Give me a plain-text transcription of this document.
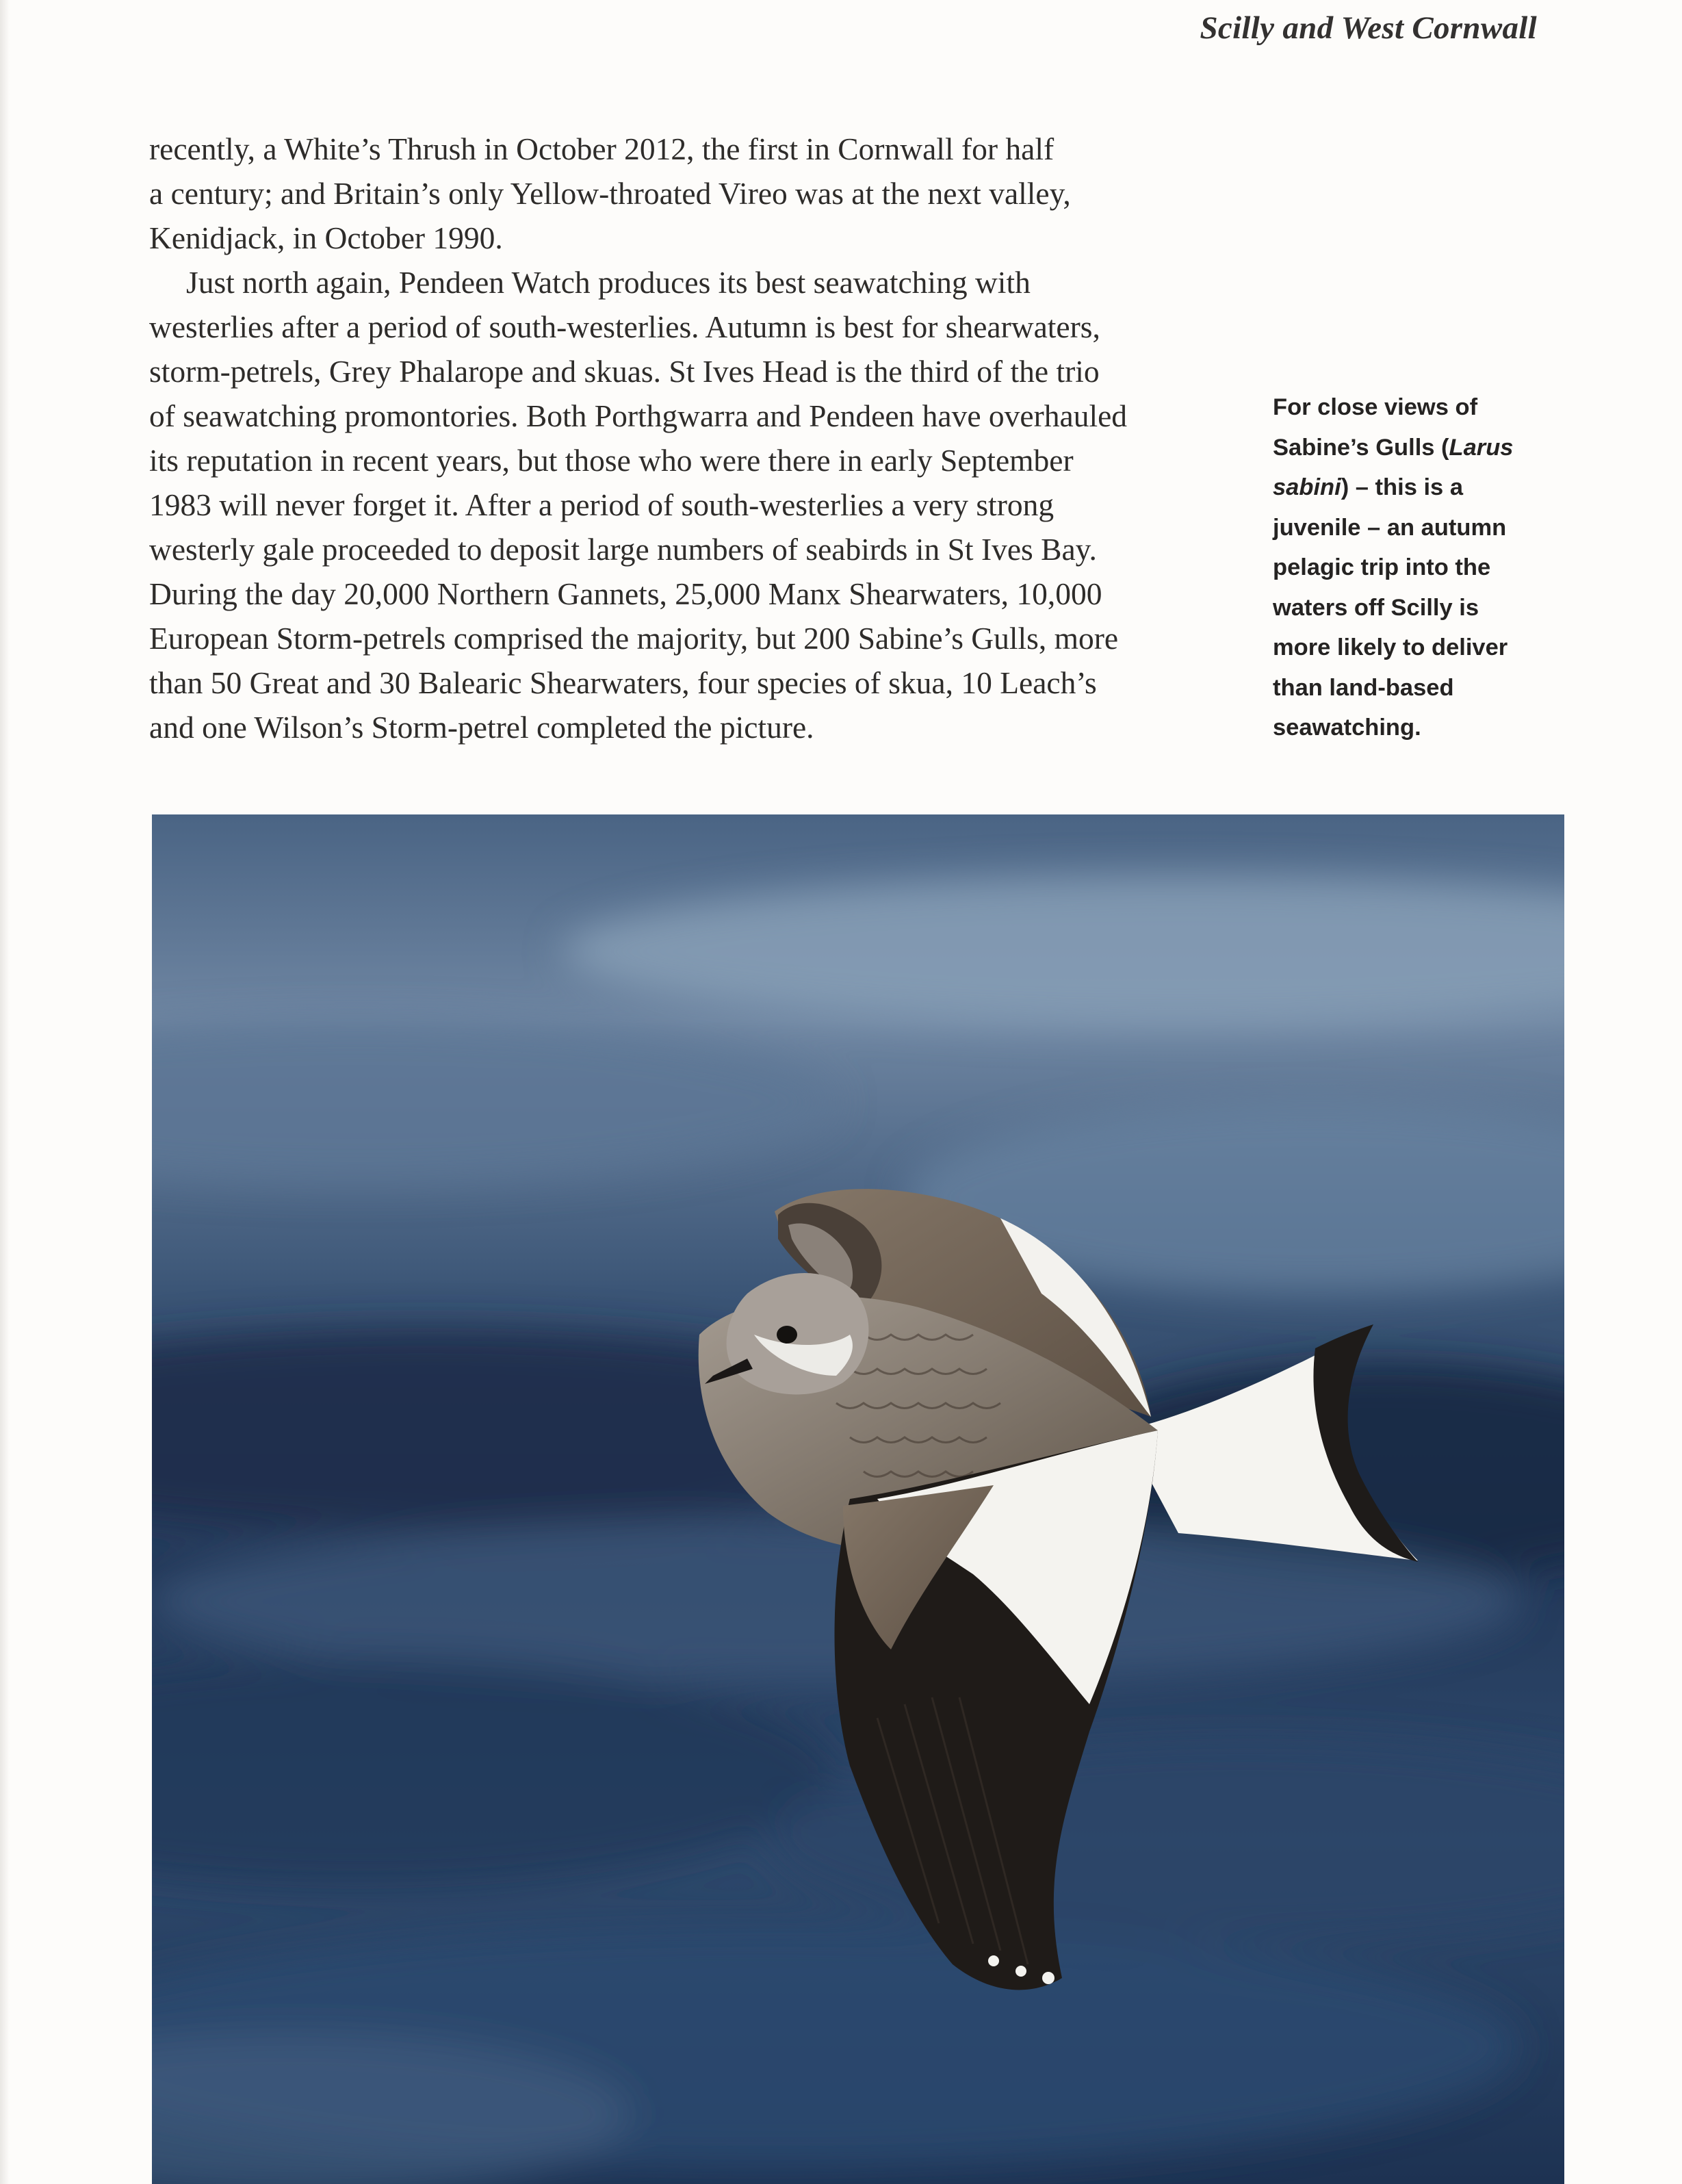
Scilly and West Cornwall
recently, a White’s Thrush in October 2012, the first in Cornwall for half
a century; and Britain’s only Yellow-throated Vireo was at the next valley,
Kenidjack, in October 1990.
Just north again, Pendeen Watch produces its best seawatching with
westerlies after a period of south-westerlies. Autumn is best for shearwaters,
storm-petrels, Grey Phalarope and skuas. St Ives Head is the third of the trio
of seawatching promontories. Both Porthgwarra and Pendeen have overhauled
its reputation in recent years, but those who were there in early September
1983 will never forget it. After a period of south-westerlies a very strong
westerly gale proceeded to deposit large numbers of seabirds in St Ives Bay.
During the day 20,000 Northern Gannets, 25,000 Manx Shearwaters, 10,000
European Storm-petrels comprised the majority, but 200 Sabine’s Gulls, more
than 50 Great and 30 Balearic Shearwaters, four species of skua, 10 Leach’s
and one Wilson’s Storm-petrel completed the picture.
For close views of
Sabine’s Gulls (Larus
sabini) – this is a
juvenile – an autumn
pelagic trip into the
waters off Scilly is
more likely to deliver
than land-based
seawatching.
